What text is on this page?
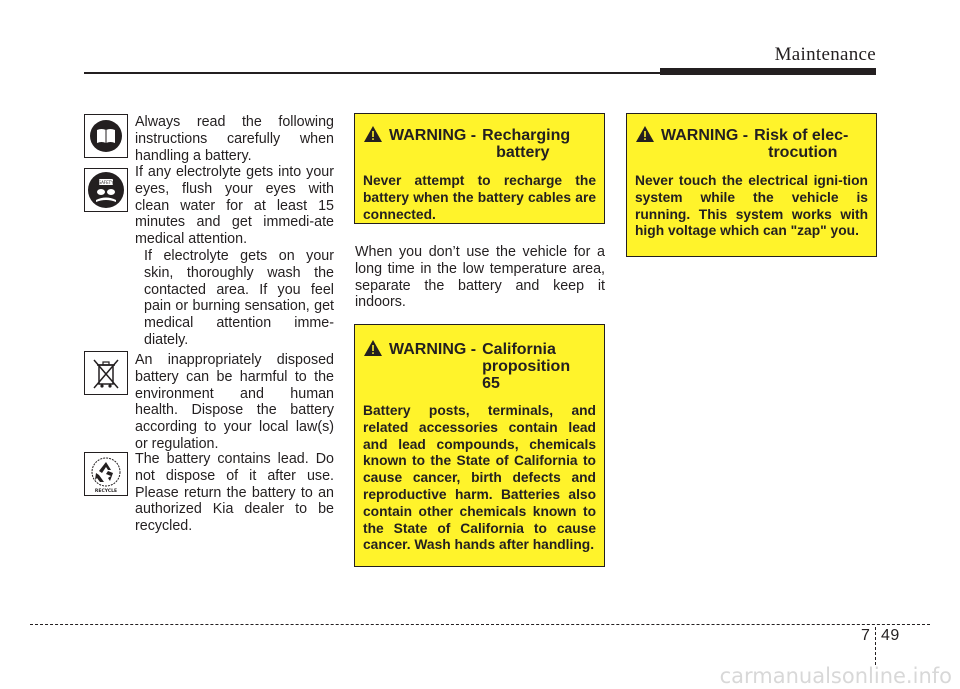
Maintenance
SAFETY
RECYCLE
Always read the following instructions carefully when handling a battery.
If any electrolyte gets into your eyes, flush your eyes with clean water for at least 15 minutes and get immedi-ate medical attention.
If electrolyte gets on your skin, thoroughly wash the contacted area. If you feel pain or burning sensation, get medical attention imme-diately.
An inappropriately disposed battery can be harmful to the environment and human health. Dispose the battery according to your local law(s) or regulation.
The battery contains lead. Do not dispose of it after use. Please return the battery to an authorized Kia dealer to be recycled.
WARNING - Recharging
battery
Never attempt to recharge the battery when the battery cables are connected.
When you don’t use the vehicle for a long time in the low temperature area, separate the battery and keep it indoors.
WARNING - California
proposition
65
Battery posts, terminals, and related accessories contain lead and lead compounds, chemicals known to the State of California to cause cancer, birth defects and reproductive harm. Batteries also contain other chemicals known to the State of California to cause cancer. Wash hands after handling.
WARNING - Risk of elec-
trocution
Never touch the electrical igni-tion system while the vehicle is running. This system works with high voltage which can "zap" you.
7 49
carmanualsonline.info
